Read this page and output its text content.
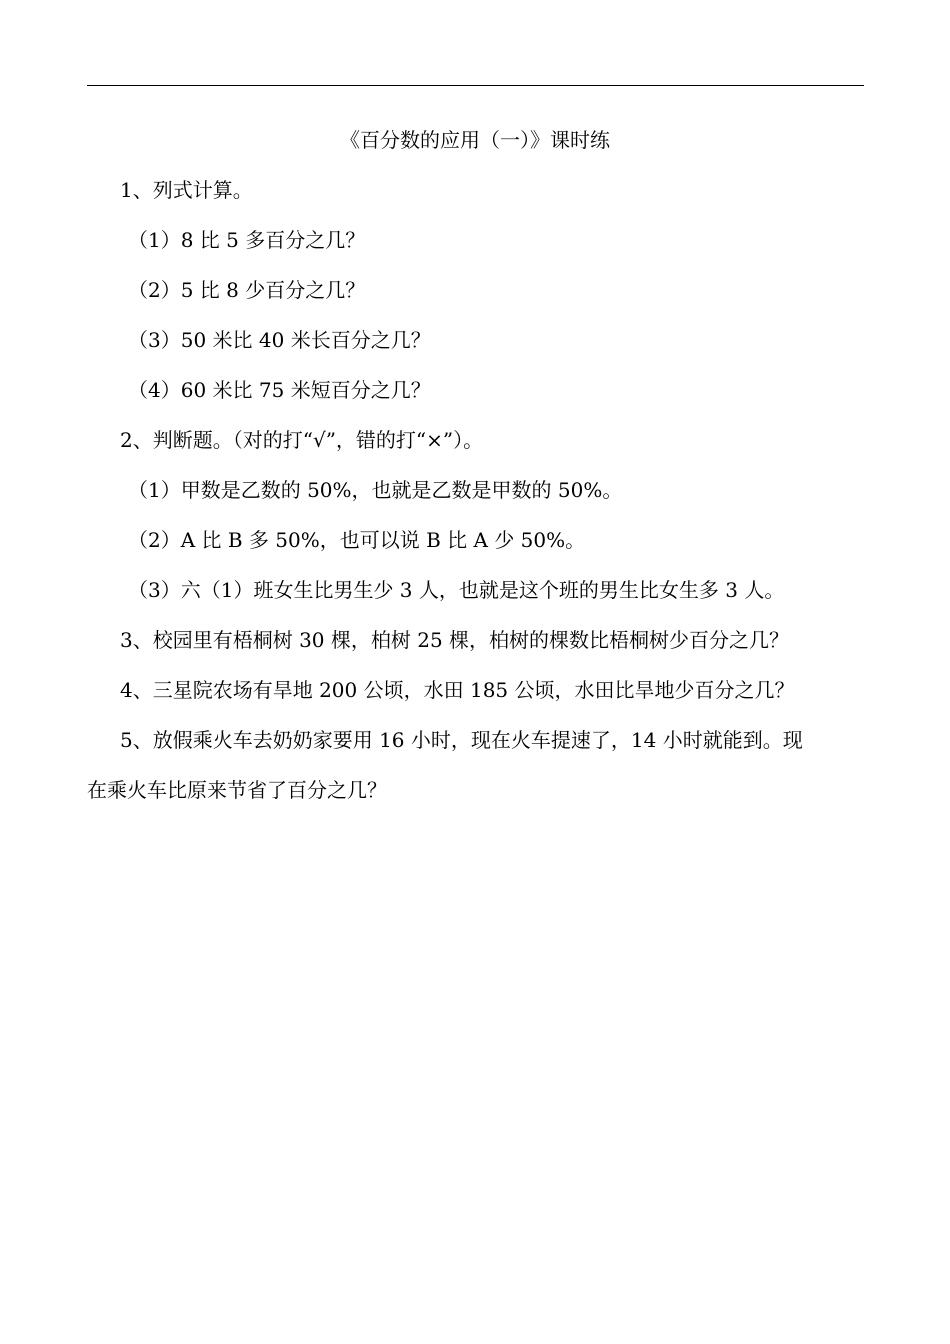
《百分数的应用（一）》课时练
1、列式计算。
（1）8 比 5 多百分之几？
（2）5 比 8 少百分之几？
（3）50 米比 40 米长百分之几？
（4）60 米比 75 米短百分之几？
2、判断题。（对的打“√”，错的打“×”）。
（1）甲数是乙数的 50%，也就是乙数是甲数的 50%。
（2）A 比 B 多 50%，也可以说 B 比 A 少 50%。
（3）六（1）班女生比男生少 3 人，也就是这个班的男生比女生多 3 人。
3、校园里有梧桐树 30 棵，柏树 25 棵，柏树的棵数比梧桐树少百分之几？
4、三星院农场有旱地 200 公顷，水田 185 公顷，水田比旱地少百分之几？
5、放假乘火车去奶奶家要用 16 小时，现在火车提速了，14 小时就能到。现
在乘火车比原来节省了百分之几？
